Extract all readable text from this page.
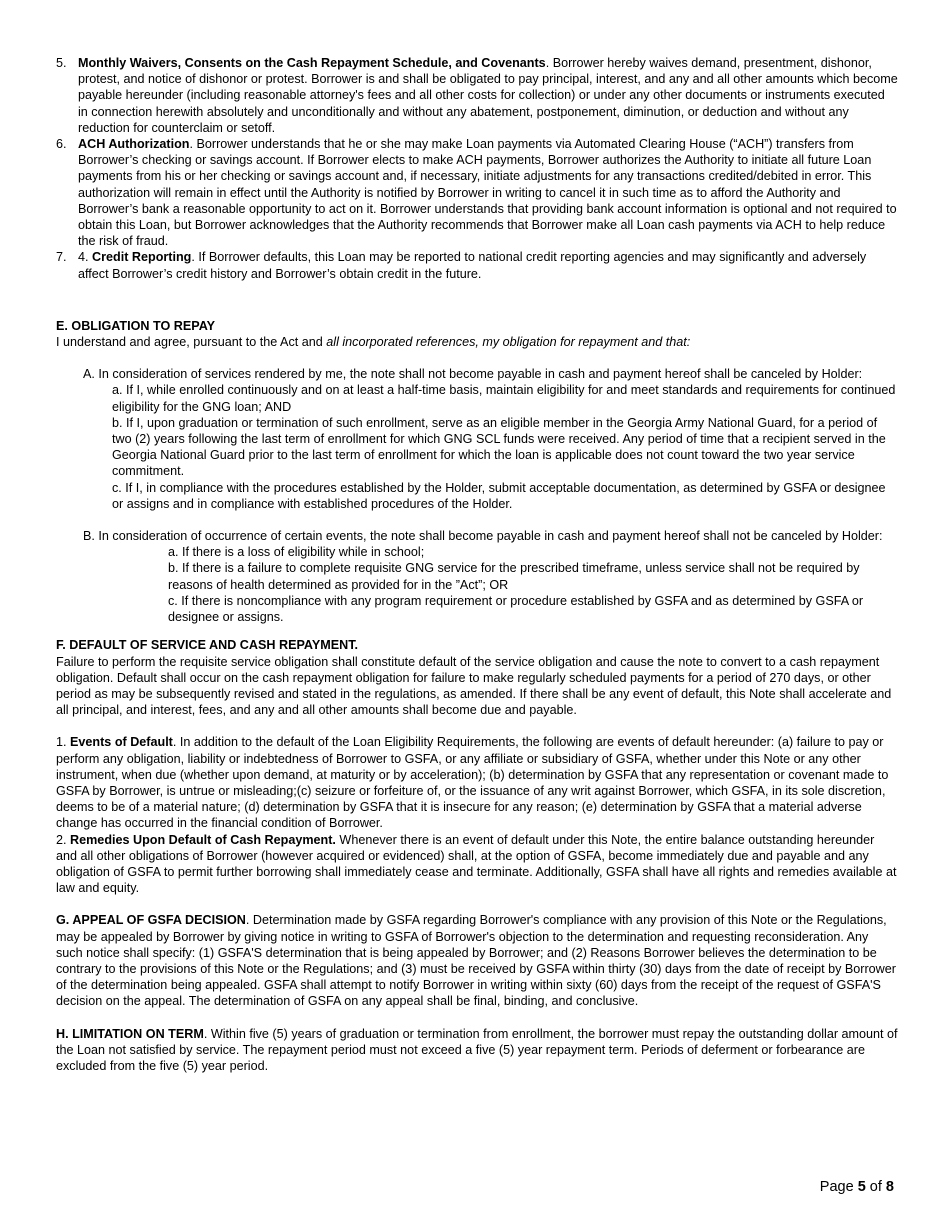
5. Monthly Waivers, Consents on the Cash Repayment Schedule, and Covenants. Borrower hereby waives demand, presentment, dishonor, protest, and notice of dishonor or protest. Borrower is and shall be obligated to pay principal, interest, and any and all other amounts which become payable hereunder (including reasonable attorney's fees and all other costs for collection) or under any other documents or instruments executed in connection herewith absolutely and unconditionally and without any abatement, postponement, diminution, or deduction and without any reduction for counterclaim or setoff.

6. ACH Authorization. Borrower understands that he or she may make Loan payments via Automated Clearing House (“ACH”) transfers from Borrower’s checking or savings account. If Borrower elects to make ACH payments, Borrower authorizes the Authority to initiate all future Loan payments from his or her checking or savings account and, if necessary, initiate adjustments for any transactions credited/debited in error. This authorization will remain in effect until the Authority is notified by Borrower in writing to cancel it in such time as to afford the Authority and Borrower’s bank a reasonable opportunity to act on it. Borrower understands that providing bank account information is optional and not required to obtain this Loan, but Borrower acknowledges that the Authority recommends that Borrower make all Loan cash payments via ACH to help reduce the risk of fraud.

7. 4. Credit Reporting. If Borrower defaults, this Loan may be reported to national credit reporting agencies and may significantly and adversely affect Borrower’s credit history and Borrower’s obtain credit in the future.

E. OBLIGATION TO REPAY

I understand and agree, pursuant to the Act and all incorporated references, my obligation for repayment and that:

A. In consideration of services rendered by me, the note shall not become payable in cash and payment hereof shall be canceled by Holder:

a. If I, while enrolled continuously and on at least a half-time basis, maintain eligibility for and meet standards and requirements for continued eligibility for the GNG loan; AND

b. If I, upon graduation or termination of such enrollment, serve as an eligible member in the Georgia Army National Guard, for a period of two (2) years following the last term of enrollment for which GNG SCL funds were received. Any period of time that a recipient served in the Georgia National Guard prior to the last term of enrollment for which the loan is applicable does not count toward the two year service commitment.

c. If I, in compliance with the procedures established by the Holder, submit acceptable documentation, as determined by GSFA or designee or assigns and in compliance with established procedures of the Holder.

B. In consideration of occurrence of certain events, the note shall become payable in cash and payment hereof shall not be canceled by Holder:

a. If there is a loss of eligibility while in school;

b. If there is a failure to complete requisite GNG service for the prescribed timeframe, unless service shall not be required by reasons of health determined as provided for in the ”Act”; OR

c. If there is noncompliance with any program requirement or procedure established by GSFA and as determined by GSFA or designee or assigns.

F. DEFAULT OF SERVICE AND CASH REPAYMENT.

Failure to perform the requisite service obligation shall constitute default of the service obligation and cause the note to convert to a cash repayment obligation. Default shall occur on the cash repayment obligation for failure to make regularly scheduled payments for a period of 270 days, or other period as may be subsequently revised and stated in the regulations, as amended. If there shall be any event of default, this Note shall accelerate and all principal, and interest, fees, and any and all other amounts shall become due and payable.

1. Events of Default. In addition to the default of the Loan Eligibility Requirements, the following are events of default hereunder: (a) failure to pay or perform any obligation, liability or indebtedness of Borrower to GSFA, or any affiliate or subsidiary of GSFA, whether under this Note or any other instrument, when due (whether upon demand, at maturity or by acceleration); (b) determination by GSFA that any representation or covenant made to GSFA by Borrower, is untrue or misleading;(c) seizure or forfeiture of, or the issuance of any writ against Borrower, which GSFA, in its sole discretion, deems to be of a material nature; (d) determination by GSFA that it is insecure for any reason; (e) determination by GSFA that a material adverse change has occurred in the financial condition of Borrower.

2. Remedies Upon Default of Cash Repayment. Whenever there is an event of default under this Note, the entire balance outstanding hereunder and all other obligations of Borrower (however acquired or evidenced) shall, at the option of GSFA, become immediately due and payable and any obligation of GSFA to permit further borrowing shall immediately cease and terminate. Additionally, GSFA shall have all rights and remedies available at law and equity.

G. APPEAL OF GSFA DECISION. Determination made by GSFA regarding Borrower's compliance with any provision of this Note or the Regulations, may be appealed by Borrower by giving notice in writing to GSFA of Borrower's objection to the determination and requesting reconsideration. Any such notice shall specify: (1) GSFA'S determination that is being appealed by Borrower; and (2) Reasons Borrower believes the determination to be contrary to the provisions of this Note or the Regulations; and (3) must be received by GSFA within thirty (30) days from the date of receipt by Borrower of the determination being appealed. GSFA shall attempt to notify Borrower in writing within sixty (60) days from the receipt of the request of GSFA'S decision on the appeal. The determination of GSFA on any appeal shall be final, binding, and conclusive.

H. LIMITATION ON TERM. Within five (5) years of graduation or termination from enrollment, the borrower must repay the outstanding dollar amount of the Loan not satisfied by service. The repayment period must not exceed a five (5) year repayment term. Periods of deferment or forbearance are excluded from the five (5) year period.

Page 5 of 8
